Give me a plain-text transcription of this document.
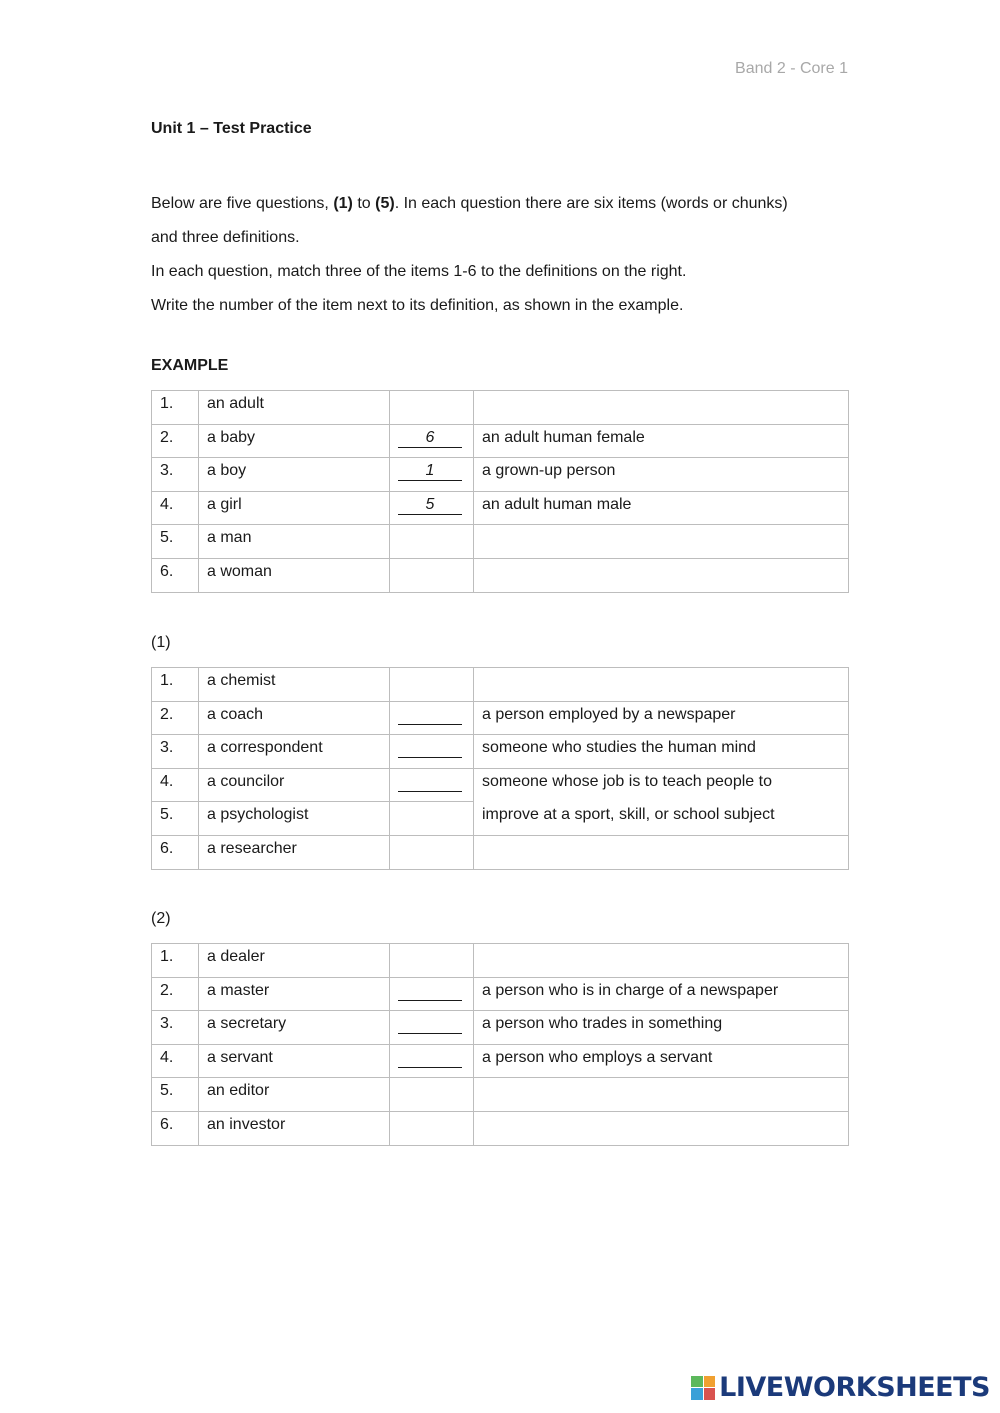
Band 2 - Core 1
Unit 1 – Test Practice

Below are five questions, (1) to (5). In each question there are six items (words or chunks)

and three definitions.

In each question, match three of the items 1-6 to the definitions on the right.

Write the number of the item next to its definition, as shown in the example.

EXAMPLE
1.	an adult		
2.	a baby	6	an adult human female
3.	a boy	1	a grown-up person
4.	a girl	5	an adult human male
5.	a man		
6.	a woman		
(1)
1.	a chemist		
2.	a coach		a person employed by a newspaper
3.	a correspondent		someone who studies the human mind
4.	a councilor		someone whose job is to teach people to
5.	a psychologist		improve at a sport, skill, or school subject
6.	a researcher		
(2)
1.	a dealer		
2.	a master		a person who is in charge of a newspaper
3.	a secretary		a person who trades in something
4.	a servant		a person who employs a servant
5.	an editor		
6.	an investor		
LIVEWORKSHEETS
